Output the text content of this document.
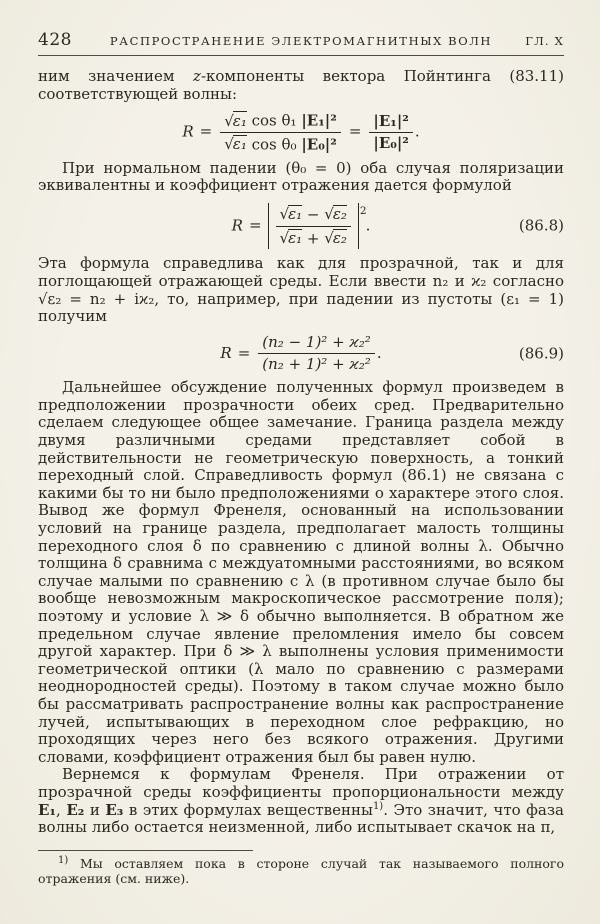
428	РАСПРОСТРАНЕНИЕ ЭЛЕКТРОМАГНИТНЫХ ВОЛН	ГЛ. X

ним значением z-компоненты вектора Пойнтинга (83.11) соответствующей волны:

$R = \frac{\text{√ε₁ cos θ₁ |E₁|²}}{\text{√ε₁ cos θ₀ |E₀|²}} = \frac{\text{|E₁|²}}{\text{|E₀|²}}$ .

При нормальном падении (θ₀ = 0) оба случая поляризации эквивалентны и коэффициент отражения дается формулой

$R = \frac{\text{√ε₁ − √ε₂}}{\text{√ε₁ + √ε₂}} ^2$.	(86.8)

Эта формула справедлива как для прозрачной, так и для поглощающей отражающей среды. Если ввести n₂ и ϰ₂ согласно √ε₂ = n₂ + iϰ₂, то, например, при падении из пустоты (ε₁ = 1) получим

$R = \frac{\text{(n₂ − 1)² + ϰ₂²}}{\text{(n₂ + 1)² + ϰ₂²}}$ .	(86.9)

Дальнейшее обсуждение полученных формул произведем в предположении прозрачности обеих сред. Предварительно сделаем следующее общее замечание. Граница раздела между двумя различными средами представляет собой в действительности не геометрическую поверхность, а тонкий переходный слой. Справедливость формул (86.1) не связана с какими бы то ни было предположениями о характере этого слоя. Вывод же формул Френеля, основанный на использовании условий на границе раздела, предполагает малость толщины переходного слоя δ по сравнению с длиной волны λ. Обычно толщина δ сравнима с междуатомными расстояниями, во всяком случае малыми по сравнению с λ (в противном случае было бы вообще невозможным макроскопическое рассмотрение поля); поэтому и условие λ ≫ δ обычно выполняется. В обратном же предельном случае явление преломления имело бы совсем другой характер. При δ ≫ λ выполнены условия применимости геометрической оптики (λ мало по сравнению с размерами неоднородностей среды). Поэтому в таком случае можно было бы рассматривать распространение волны как распространение лучей, испытывающих в переходном слое рефракцию, но проходящих через него без всякого отражения. Другими словами, коэффициент отражения был бы равен нулю.

Вернемся к формулам Френеля. При отражении от прозрачной среды коэффициенты пропорциональности между E₁, E₂ и E₃ в этих формулах вещественны$^{1)}$. Это значит, что фаза волны либо остается неизменной, либо испытывает скачок на π,

$^{1)}$ Мы оставляем пока в стороне случай так называемого полного отражения (см. ниже).
